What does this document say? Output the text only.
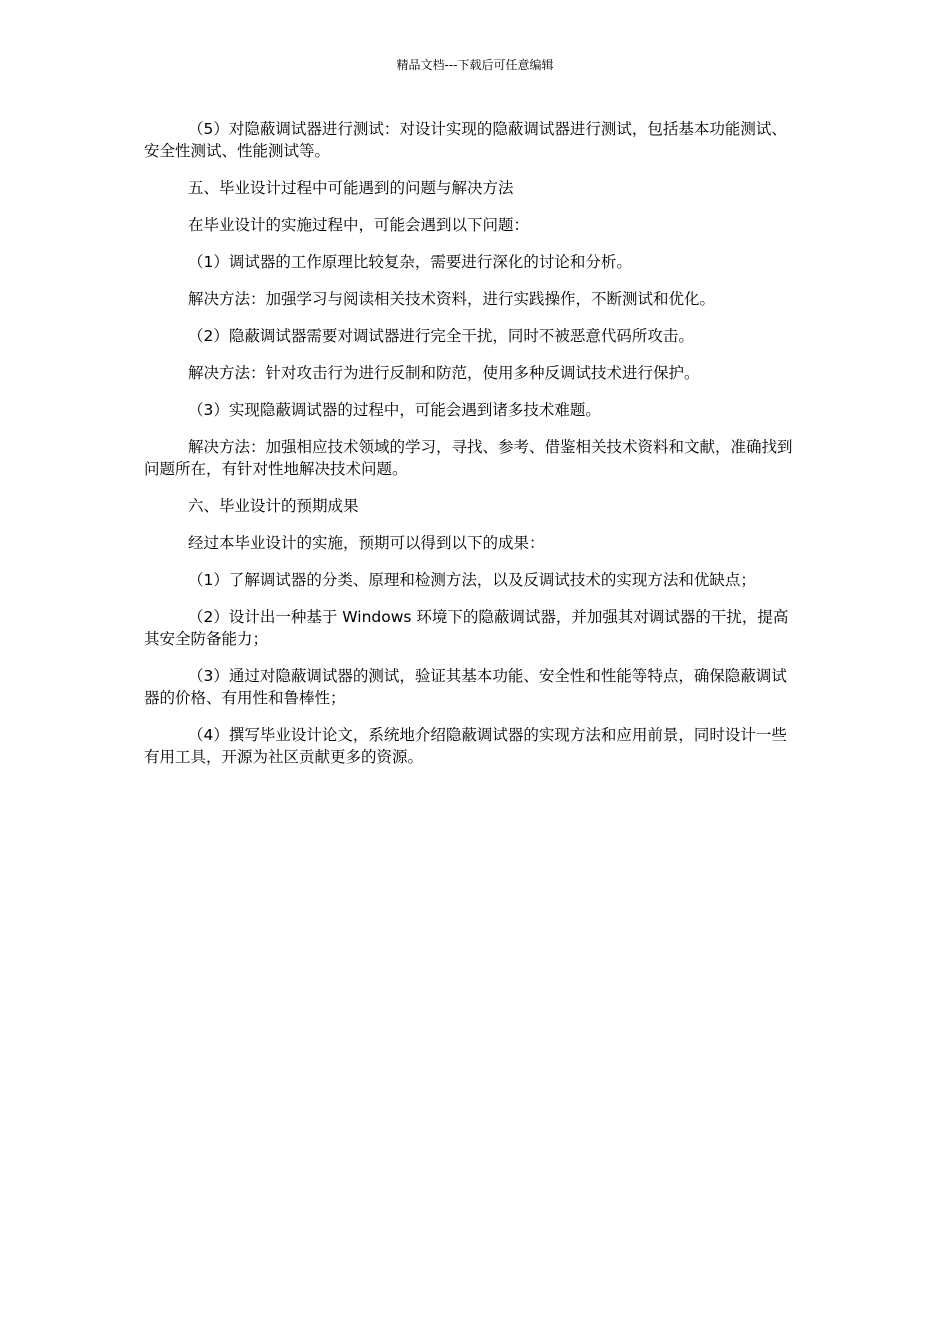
精品文档---下载后可任意编辑

（5）对隐蔽调试器进行测试：对设计实现的隐蔽调试器进行测试，包括基本功能测试、安全性测试、性能测试等。

五、毕业设计过程中可能遇到的问题与解决方法

在毕业设计的实施过程中，可能会遇到以下问题：

（1）调试器的工作原理比较复杂，需要进行深化的讨论和分析。

解决方法：加强学习与阅读相关技术资料，进行实践操作，不断测试和优化。

（2）隐蔽调试器需要对调试器进行完全干扰，同时不被恶意代码所攻击。

解决方法：针对攻击行为进行反制和防范，使用多种反调试技术进行保护。

（3）实现隐蔽调试器的过程中，可能会遇到诸多技术难题。

解决方法：加强相应技术领域的学习，寻找、参考、借鉴相关技术资料和文献，准确找到问题所在，有针对性地解决技术问题。

六、毕业设计的预期成果

经过本毕业设计的实施，预期可以得到以下的成果：

（1）了解调试器的分类、原理和检测方法，以及反调试技术的实现方法和优缺点；

（2）设计出一种基于 Windows 环境下的隐蔽调试器，并加强其对调试器的干扰，提高其安全防备能力；

（3）通过对隐蔽调试器的测试，验证其基本功能、安全性和性能等特点，确保隐蔽调试器的价格、有用性和鲁棒性；

（4）撰写毕业设计论文，系统地介绍隐蔽调试器的实现方法和应用前景，同时设计一些有用工具，开源为社区贡献更多的资源。
